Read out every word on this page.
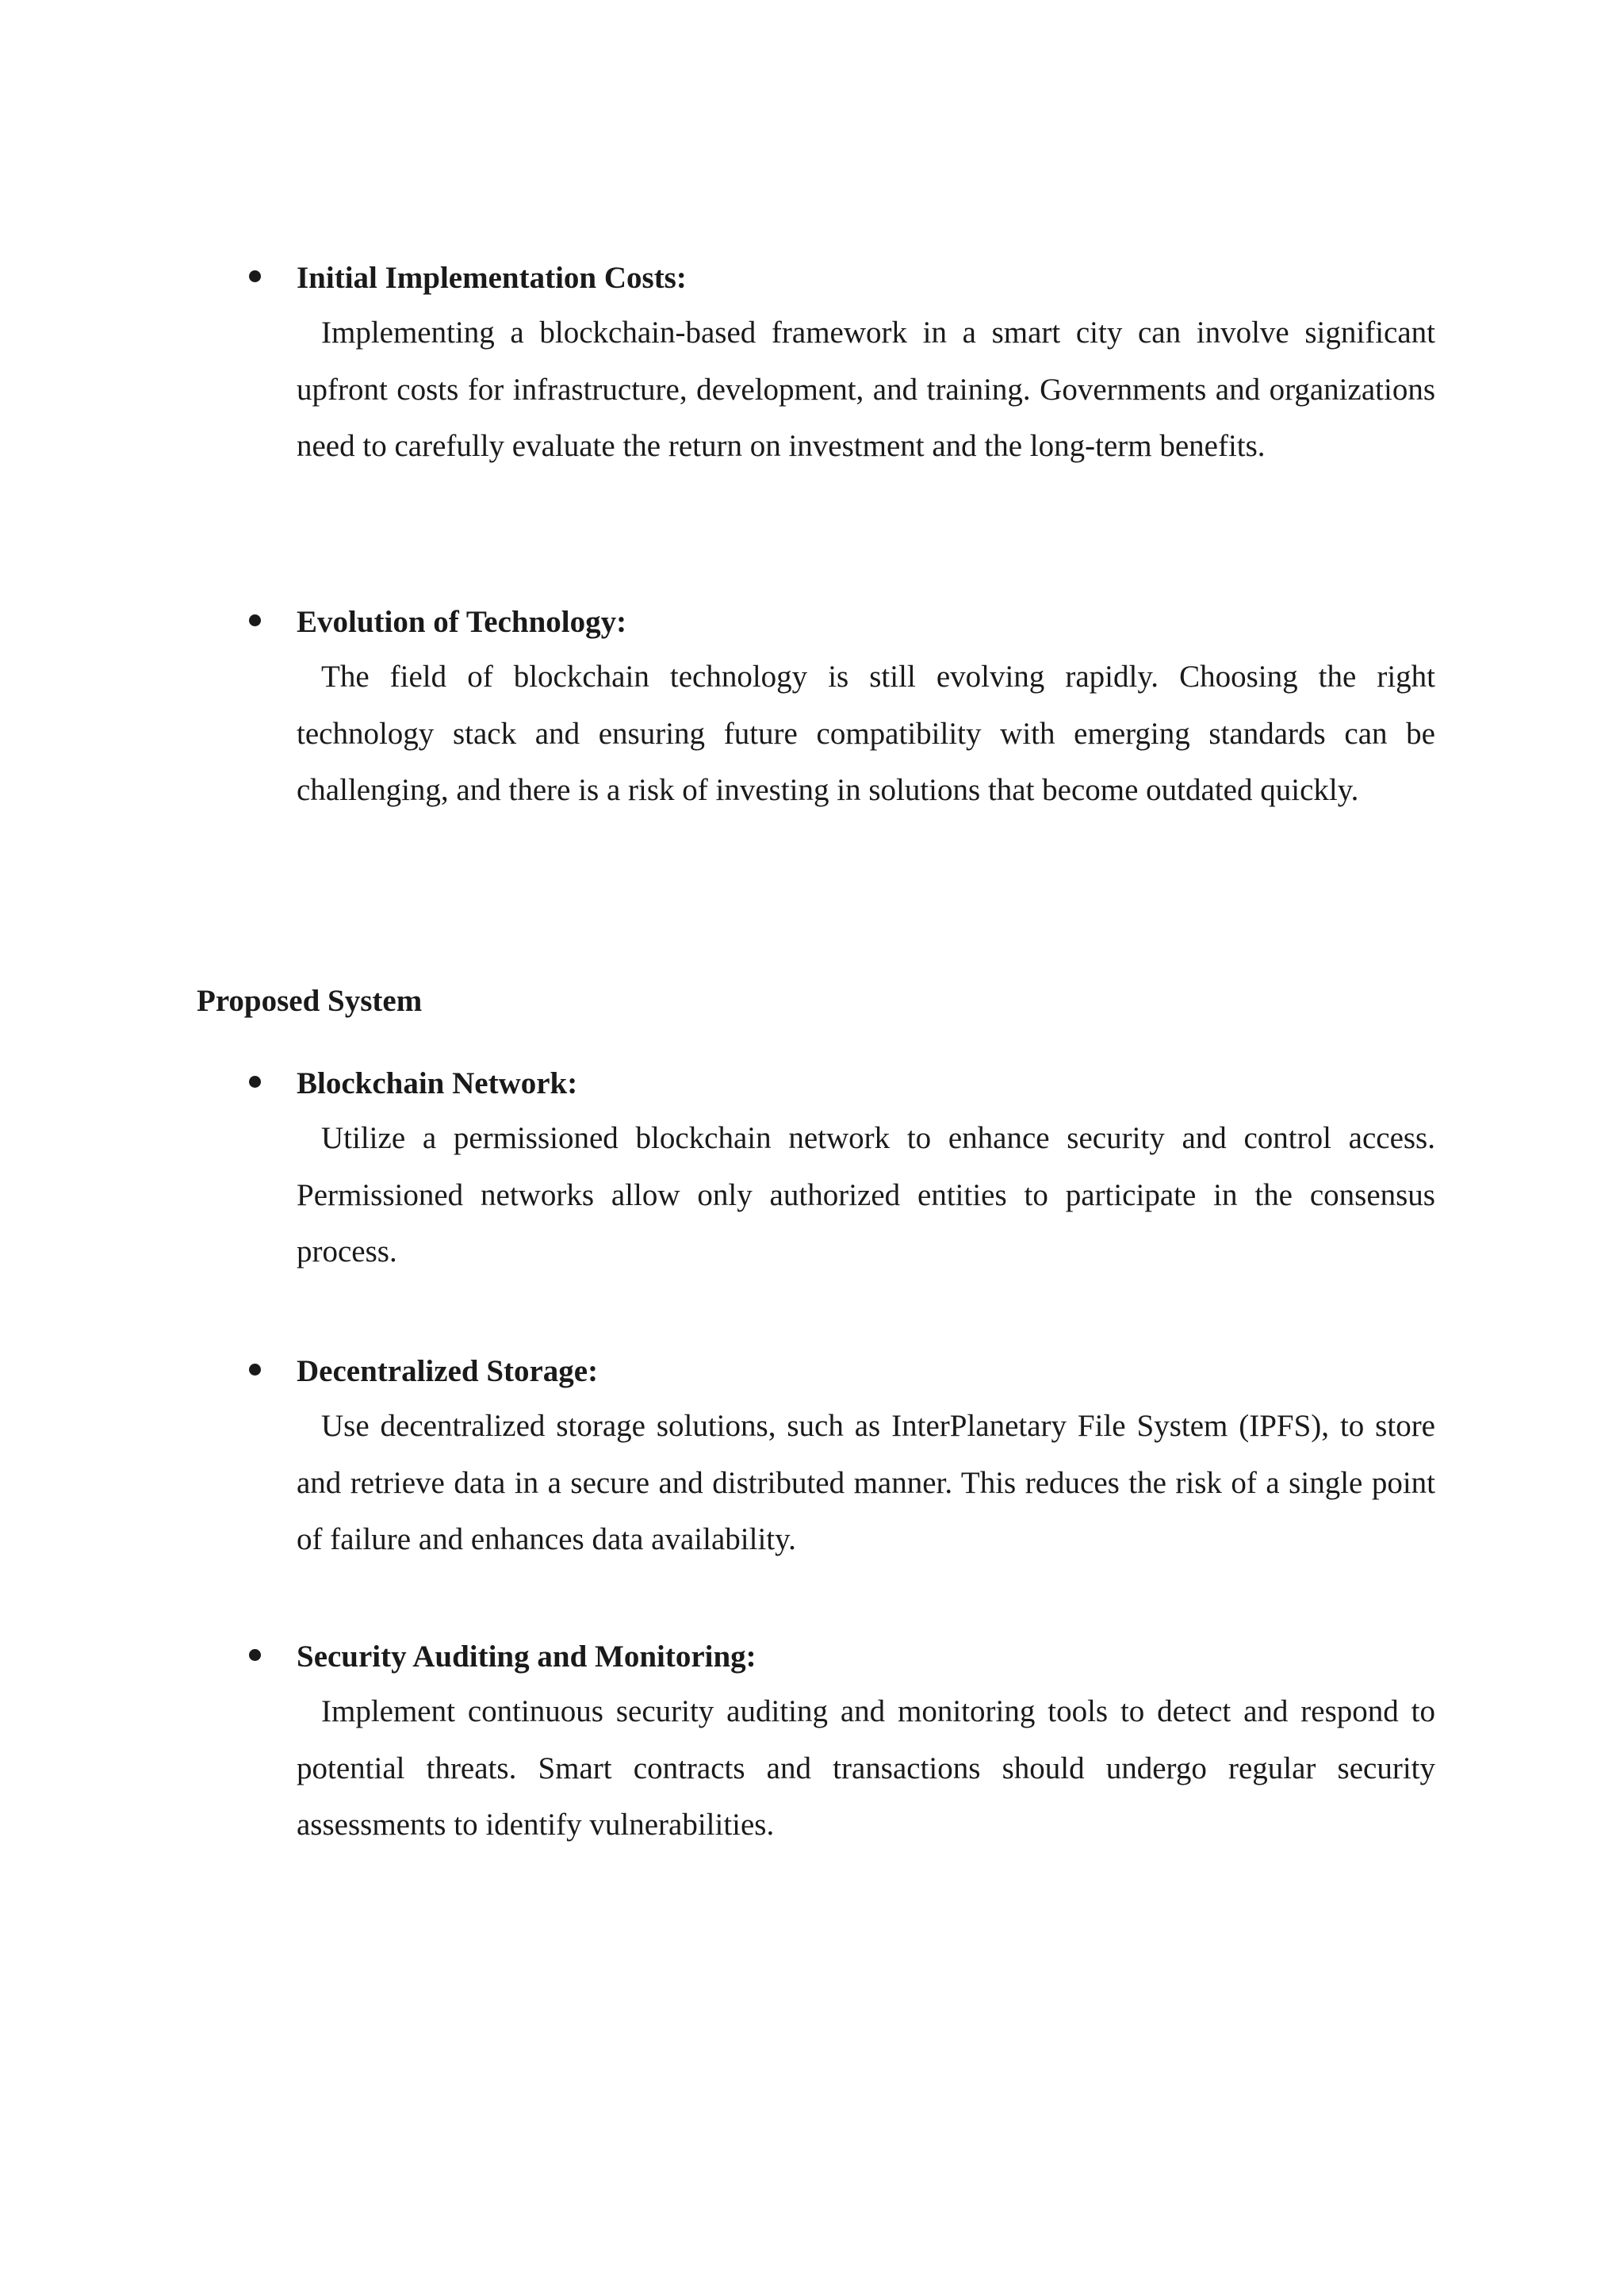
Initial Implementation Costs:

Implementing a blockchain-based framework in a smart city can involve significant upfront costs for infrastructure, development, and training. Governments and organizations need to carefully evaluate the return on investment and the long-term benefits.

Evolution of Technology:

The field of blockchain technology is still evolving rapidly. Choosing the right technology stack and ensuring future compatibility with emerging standards can be challenging, and there is a risk of investing in solutions that become outdated quickly.

Proposed System
Blockchain Network:

Utilize a permissioned blockchain network to enhance security and control access. Permissioned networks allow only authorized entities to participate in the consensus process.

Decentralized Storage:

Use decentralized storage solutions, such as InterPlanetary File System (IPFS), to store and retrieve data in a secure and distributed manner. This reduces the risk of a single point of failure and enhances data availability.

Security Auditing and Monitoring:

Implement continuous security auditing and monitoring tools to detect and respond to potential threats. Smart contracts and transactions should undergo regular security assessments to identify vulnerabilities.
